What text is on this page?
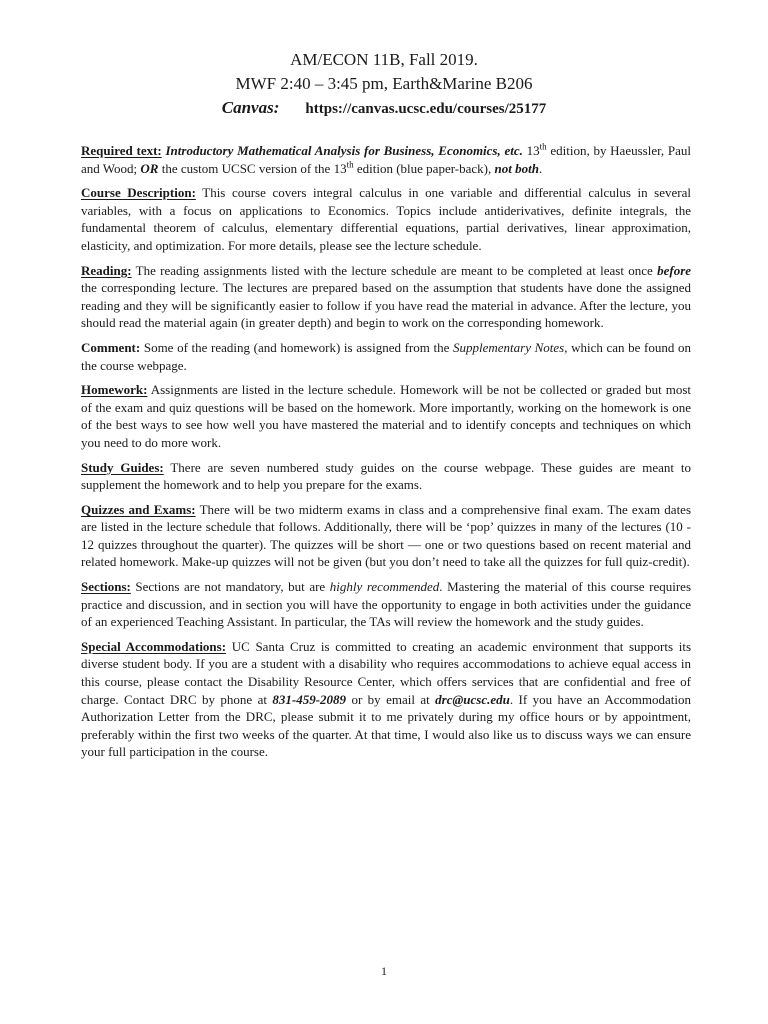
AM/ECON 11B, Fall 2019.
MWF 2:40 – 3:45 pm, Earth&Marine B206
Canvas: https://canvas.ucsc.edu/courses/25177

Required text: Introductory Mathematical Analysis for Business, Economics, etc. 13th edition, by Haeussler, Paul and Wood; OR the custom UCSC version of the 13th edition (blue paper-back), not both.

Course Description: This course covers integral calculus in one variable and differential calculus in several variables, with a focus on applications to Economics. Topics include antiderivatives, definite integrals, the fundamental theorem of calculus, elementary differential equations, partial derivatives, linear approximation, elasticity, and optimization. For more details, please see the lecture schedule.

Reading: The reading assignments listed with the lecture schedule are meant to be completed at least once before the corresponding lecture. The lectures are prepared based on the assumption that students have done the assigned reading and they will be significantly easier to follow if you have read the material in advance. After the lecture, you should read the material again (in greater depth) and begin to work on the corresponding homework.

Comment: Some of the reading (and homework) is assigned from the Supplementary Notes, which can be found on the course webpage.

Homework: Assignments are listed in the lecture schedule. Homework will be not be collected or graded but most of the exam and quiz questions will be based on the homework. More importantly, working on the homework is one of the best ways to see how well you have mastered the material and to identify concepts and techniques on which you need to do more work.

Study Guides: There are seven numbered study guides on the course webpage. These guides are meant to supplement the homework and to help you prepare for the exams.

Quizzes and Exams: There will be two midterm exams in class and a comprehensive final exam. The exam dates are listed in the lecture schedule that follows. Additionally, there will be ‘pop’ quizzes in many of the lectures (10 - 12 quizzes throughout the quarter). The quizzes will be short — one or two questions based on recent material and related homework. Make-up quizzes will not be given (but you don’t need to take all the quizzes for full quiz-credit).

Sections: Sections are not mandatory, but are highly recommended. Mastering the material of this course requires practice and discussion, and in section you will have the opportunity to engage in both activities under the guidance of an experienced Teaching Assistant. In particular, the TAs will review the homework and the study guides.

Special Accommodations: UC Santa Cruz is committed to creating an academic environment that supports its diverse student body. If you are a student with a disability who requires accommodations to achieve equal access in this course, please contact the Disability Resource Center, which offers services that are confidential and free of charge. Contact DRC by phone at 831-459-2089 or by email at drc@ucsc.edu. If you have an Accommodation Authorization Letter from the DRC, please submit it to me privately during my office hours or by appointment, preferably within the first two weeks of the quarter. At that time, I would also like us to discuss ways we can ensure your full participation in the course.

1
